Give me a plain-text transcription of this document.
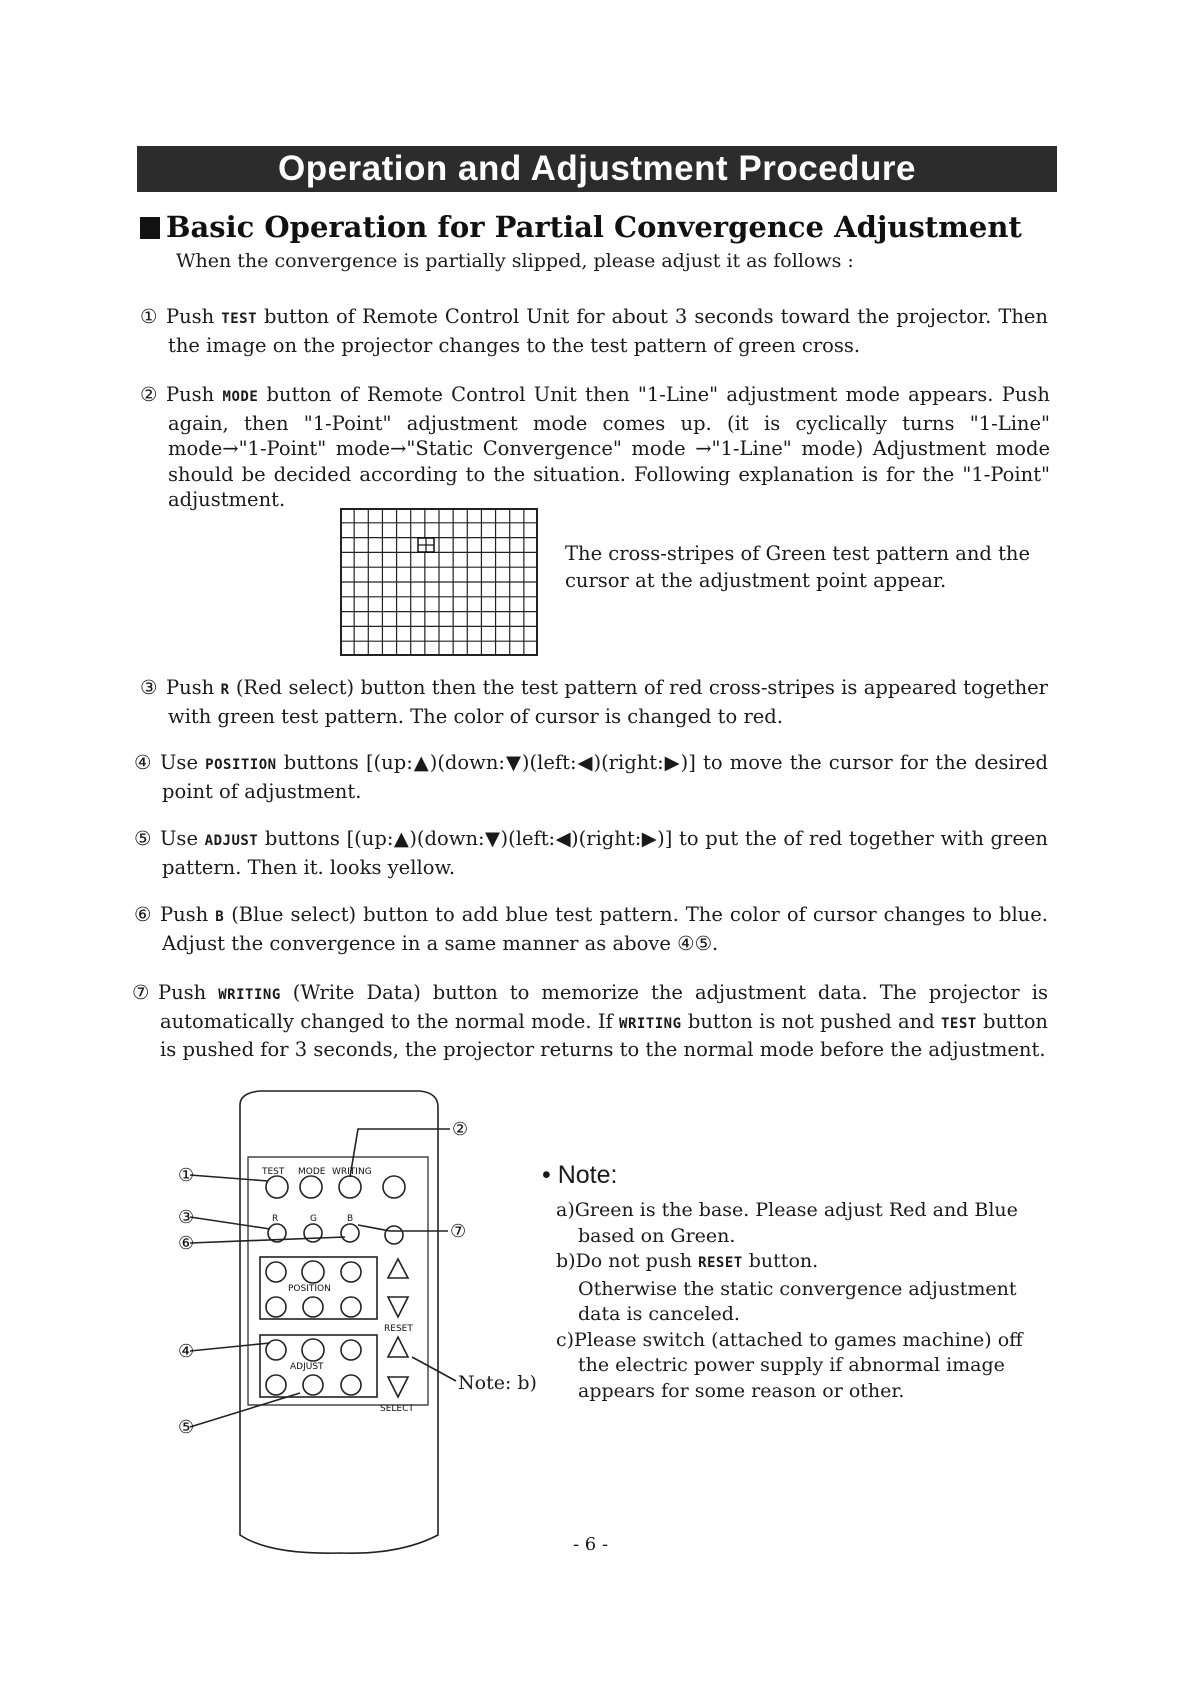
Operation and Adjustment Procedure
Basic Operation for Partial Convergence Adjustment
When the convergence is partially slipped, please adjust it as follows :
① Push TEST button of Remote Control Unit for about 3 seconds toward the projector. Then the image on the projector changes to the test pattern of green cross.
② Push MODE button of Remote Control Unit then "1-Line" adjustment mode appears. Push again, then "1-Point" adjustment mode comes up. (it is cyclically turns "1-Line" mode→"1-Point" mode→"Static Convergence" mode →"1-Line" mode) Adjustment mode should be decided according to the situation. Following explanation is for the "1-Point" adjustment.
The cross-stripes of Green test pattern and the cursor at the adjustment point appear.
③ Push R (Red select) button then the test pattern of red cross-stripes is appeared together with green test pattern. The color of cursor is changed to red.
④ Use POSITION buttons [(up:▲)(down:▼)(left:◀)(right:▶)] to move the cursor for the desired point of adjustment.
⑤ Use ADJUST buttons [(up:▲)(down:▼)(left:◀)(right:▶)] to put the of red together with green pattern. Then it. looks yellow.
⑥ Push B (Blue select) button to add blue test pattern. The color of cursor changes to blue. Adjust the convergence in a same manner as above ④⑤.
⑦ Push WRITING (Write Data) button to memorize the adjustment data. The projector is automatically changed to the normal mode. If WRITING button is not pushed and TEST button is pushed for 3 seconds, the projector returns to the normal mode before the adjustment.
TEST MODE WRITING
R	G	B
POSITION
RESET
ADJUST
SELECT
①
②
③
⑥
⑦
④
⑤
Note: b)
• Note:
a)Green is the base. Please adjust Red and Blue based on Green.
b)Do not push RESET button.
Otherwise the static convergence adjustment data is canceled.
c)Please switch (attached to games machine) off the electric power supply if abnormal image appears for some reason or other.
- 6 -
